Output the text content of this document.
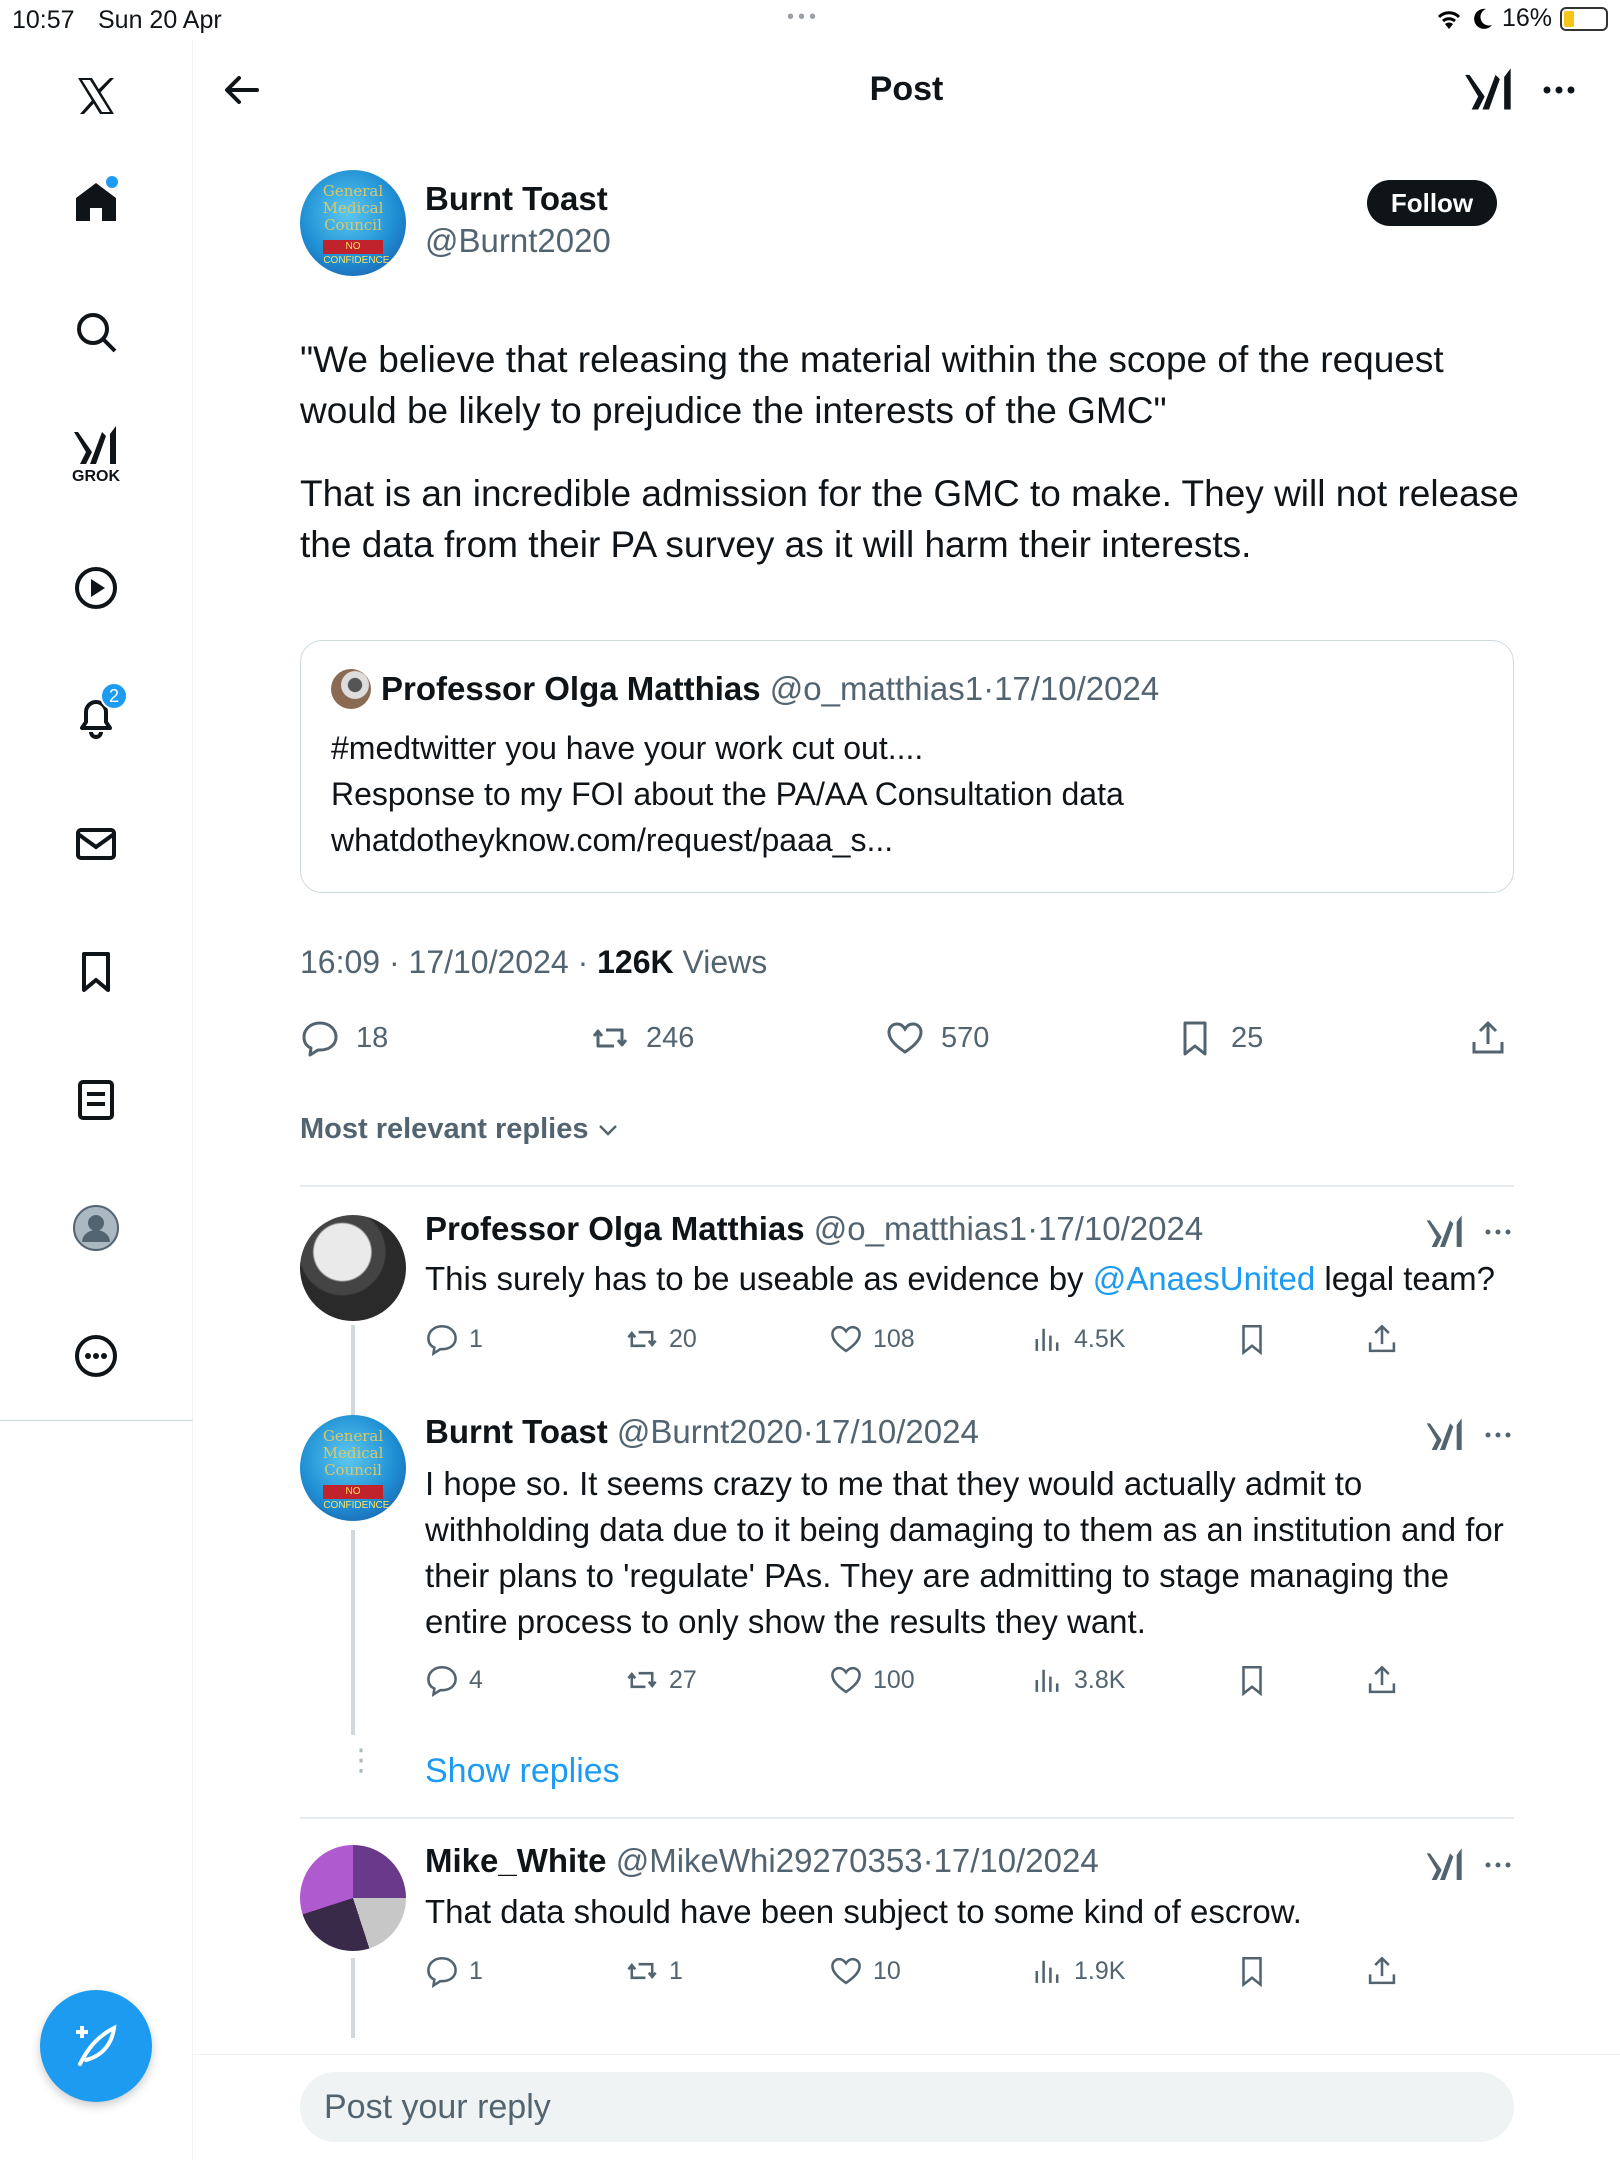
10:57 Sun 20 Apr	•••	16%
GROK
2
Post
General
Medical
Council
NO CONFIDENCE
Burnt Toast
@Burnt2020
Follow

"We believe that releasing the material within the scope of the request would be likely to prejudice the interests of the GMC"

That is an incredible admission for the GMC to make. They will not release the data from their PA survey as it will harm their interests.

Professor Olga Matthias
@o_matthias1 · 17/10/2024
#medtwitter you have your work cut out....
Response to my FOI about the PA/AA Consultation data
whatdotheyknow.com/request/paaa_s...
16:09 · 17/10/2024 · 126K Views
18	246	570	25
Most relevant replies
Professor Olga Matthias @o_matthias1·17/10/2024
This surely has to be useable as evidence by @AnaesUnited legal team?
1	20	108	4.5K
General
Medical
Council
NO CONFIDENCE
Burnt Toast @Burnt2020·17/10/2024
I hope so. It seems crazy to me that they would actually admit to withholding data due to it being damaging to them as an institution and for their plans to 'regulate' PAs. They are admitting to stage managing the entire process to only show the results they want.
4	27	100	3.8K
⋮ Show replies
Mike_White @MikeWhi29270353·17/10/2024
That data should have been subject to some kind of escrow.
1	1	10	1.9K
Post your reply
